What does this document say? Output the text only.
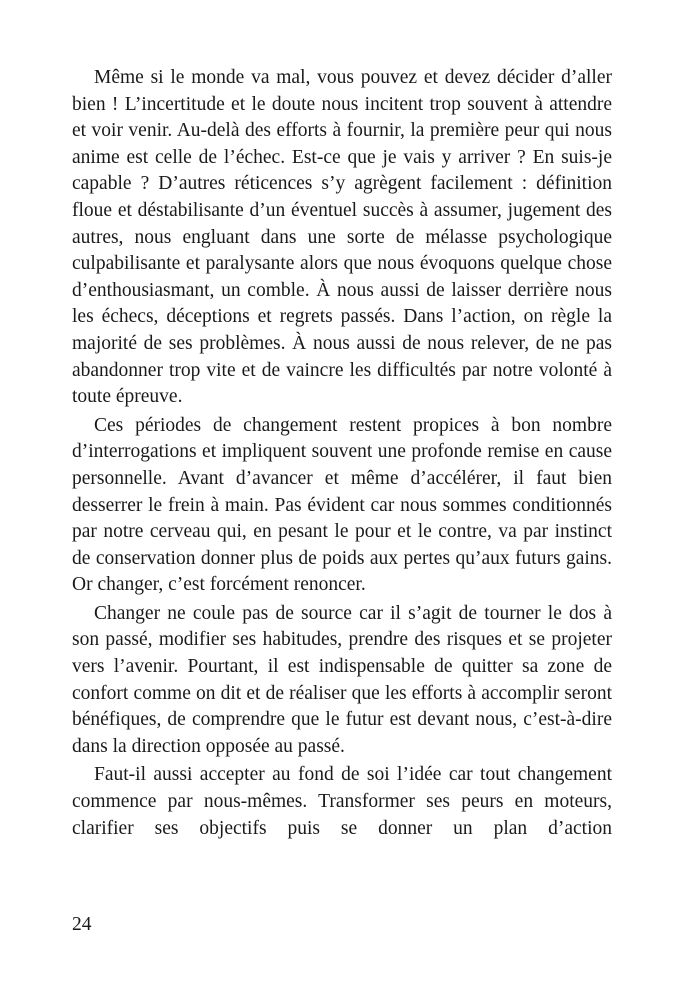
Même si le monde va mal, vous pouvez et devez décider d’aller bien ! L’incertitude et le doute nous incitent trop souvent à attendre et voir venir. Au-delà des efforts à fournir, la première peur qui nous anime est celle de l’échec. Est-ce que je vais y arriver ? En suis-je capable ? D’autres réticences s’y agrègent facilement : définition floue et déstabilisante d’un éventuel succès à assumer, jugement des autres, nous engluant dans une sorte de mélasse psychologique culpabilisante et paralysante alors que nous évoquons quelque chose d’enthousiasmant, un comble. À nous aussi de laisser derrière nous les échecs, déceptions et regrets passés. Dans l’action, on règle la majorité de ses problèmes. À nous aussi de nous relever, de ne pas abandonner trop vite et de vaincre les difficultés par notre volonté à toute épreuve.

Ces périodes de changement restent propices à bon nombre d’interrogations et impliquent souvent une profonde remise en cause personnelle. Avant d’avancer et même d’accélérer, il faut bien desserrer le frein à main. Pas évident car nous sommes conditionnés par notre cerveau qui, en pesant le pour et le contre, va par instinct de conservation donner plus de poids aux pertes qu’aux futurs gains. Or changer, c’est forcément renoncer.

Changer ne coule pas de source car il s’agit de tourner le dos à son passé, modifier ses habitudes, prendre des risques et se projeter vers l’avenir. Pourtant, il est indispensable de quitter sa zone de confort comme on dit et de réaliser que les efforts à accomplir seront bénéfiques, de comprendre que le futur est devant nous, c’est-à-dire dans la direction opposée au passé.

Faut-il aussi accepter au fond de soi l’idée car tout changement commence par nous-mêmes. Transformer ses peurs en moteurs, clarifier ses objectifs puis se donner un plan d’action

24
